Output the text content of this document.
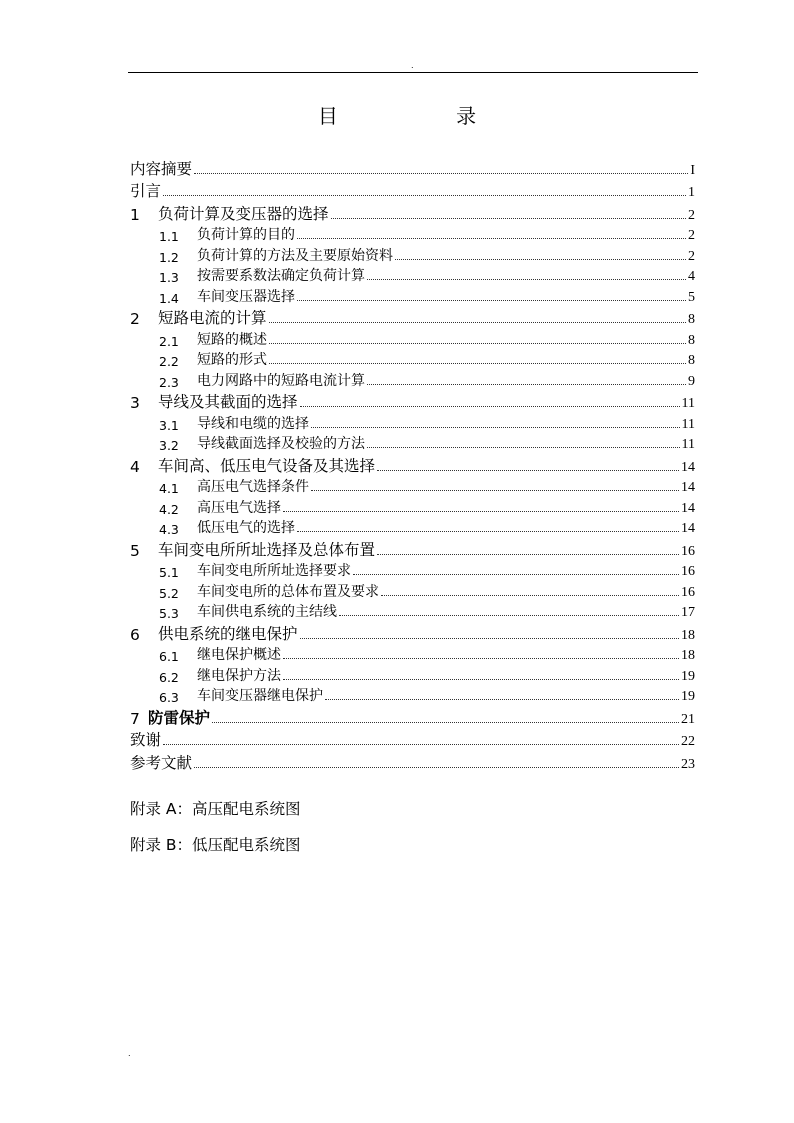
.
目 录
内容摘要	I
引言	1
1	负荷计算及变压器的选择	2
1.1	负荷计算的目的	2
1.2	负荷计算的方法及主要原始资料	2
1.3	按需要系数法确定负荷计算	4
1.4	车间变压器选择	5
2	短路电流的计算	8
2.1	短路的概述	8
2.2	短路的形式	8
2.3	电力网路中的短路电流计算	9
3	导线及其截面的选择	11
3.1	导线和电缆的选择	11
3.2	导线截面选择及校验的方法	11
4	车间高、低压电气设备及其选择	14
4.1	高压电气选择条件	14
4.2	高压电气选择	14
4.3	低压电气的选择	14
5	车间变电所所址选择及总体布置	16
5.1	车间变电所所址选择要求	16
5.2	车间变电所的总体布置及要求	16
5.3	车间供电系统的主结线	17
6	供电系统的继电保护	18
6.1	继电保护概述	18
6.2	继电保护方法	19
6.3	车间变压器继电保护	19
7 防雷保护	21
致谢	22
参考文献	23
附录 A：高压配电系统图
附录 B：低压配电系统图
.
